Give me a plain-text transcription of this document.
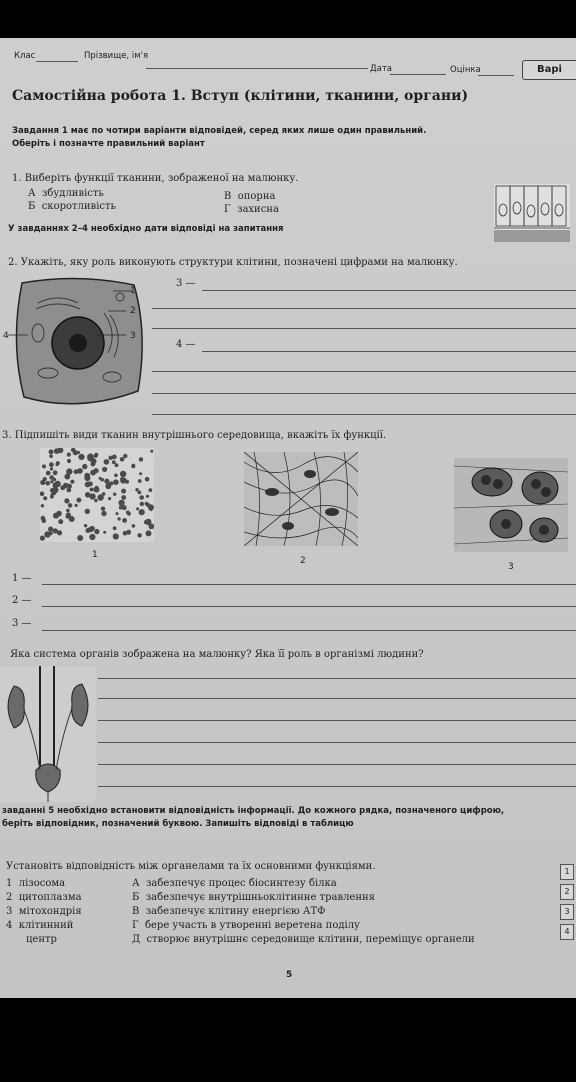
Клас	Прізвище, ім'я
Дата	Оцінка	Варі
Самостійна робота 1. Вступ (клітини, тканини, органи)
Завдання 1 має по чотири варіанти відповідей, серед яких лише один правильний.
Оберіть і позначте правильний варіант
1. Виберіть функції тканини, зображеної на малюнку.
А збудливість
Б скоротливість
В опорна
Г захисна
У завданнях 2–4 необхідно дати відповіді на запитання
2. Укажіть, яку роль виконують структури клітини, позначені цифрами на малюнку.
1
2
3
4
3 —
4 —
3. Підпишіть види тканин внутрішнього середовища, вкажіть їх функції.
1
2
3
1 —
2 —
3 —
Яка система органів зображена на малюнку? Яка її роль в організмі людини?
завданні 5 необхідно встановити відповідність інформації. До кожного рядка, позначеного цифрою,
беріть відповідник, позначений буквою. Запишіть відповіді в таблицю
Установіть відповідність між органелами та їх основними функціями.
1 лізосома
2 цитоплазма
3 мітохондрія
4 клітинний
центр
А забезпечує процес біосинтезу білка
Б забезпечує внутрішньоклітинне травлення
В забезпечує клітину енергією АТФ
Г бере участь в утворенні веретена поділу
Д створює внутрішнє середовище клітини, переміщує органели
1
2
3
4
5
